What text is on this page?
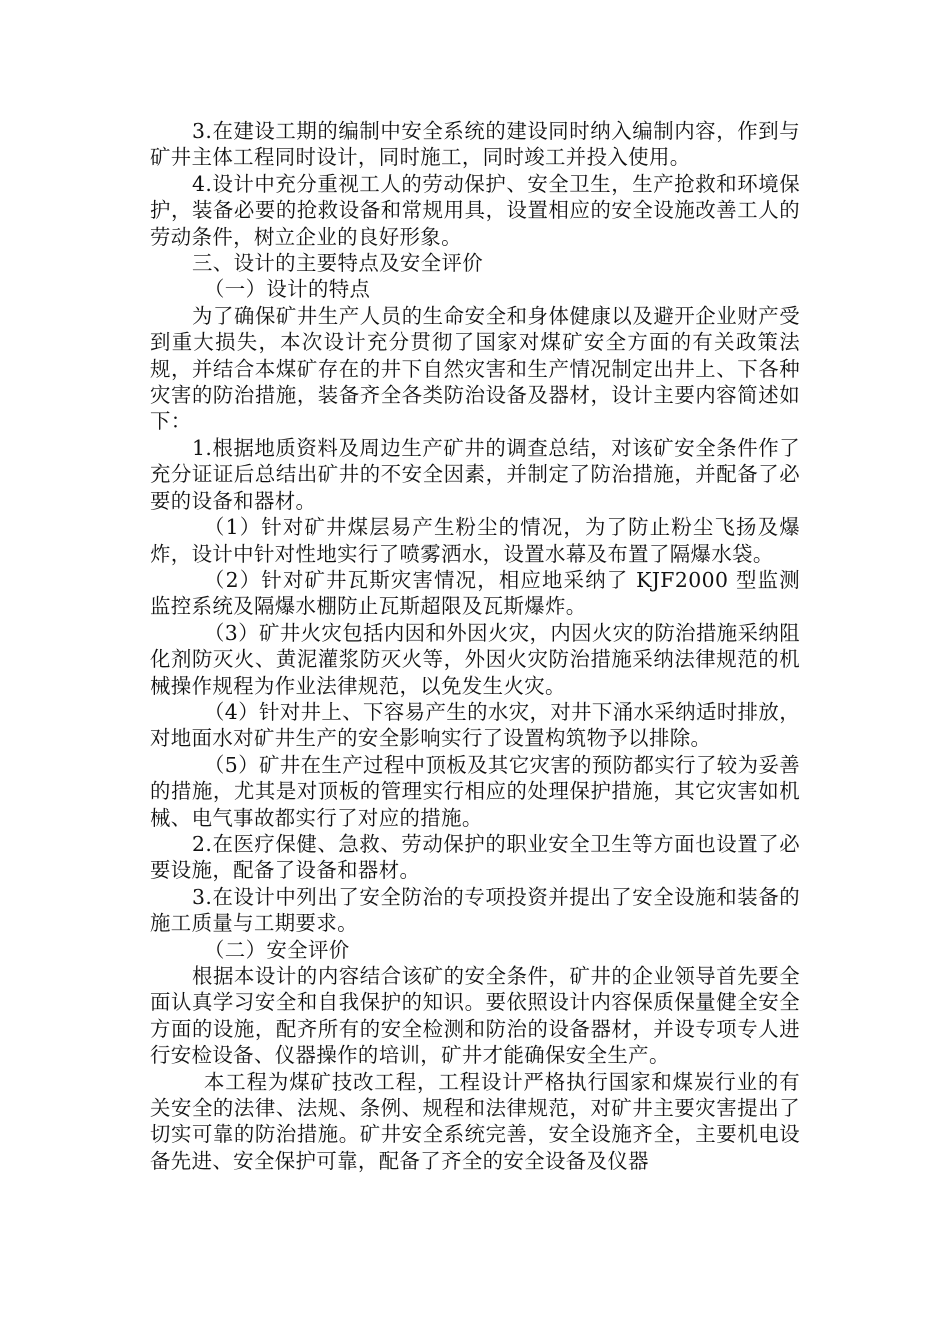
3.在建设工期的编制中安全系统的建设同时纳入编制内容，作到与矿井主体工程同时设计，同时施工，同时竣工并投入使用。

4.设计中充分重视工人的劳动保护、安全卫生，生产抢救和环境保护，装备必要的抢救设备和常规用具，设置相应的安全设施改善工人的劳动条件，树立企业的良好形象。

三、设计的主要特点及安全评价

（一）设计的特点

为了确保矿井生产人员的生命安全和身体健康以及避开企业财产受到重大损失，本次设计充分贯彻了国家对煤矿安全方面的有关政策法规，并结合本煤矿存在的井下自然灾害和生产情况制定出井上、下各种灾害的防治措施，装备齐全各类防治设备及器材，设计主要内容简述如下：

1.根据地质资料及周边生产矿井的调查总结，对该矿安全条件作了充分证证后总结出矿井的不安全因素，并制定了防治措施，并配备了必要的设备和器材。

（1）针对矿井煤层易产生粉尘的情况，为了防止粉尘飞扬及爆炸，设计中针对性地实行了喷雾洒水，设置水幕及布置了隔爆水袋。

（2）针对矿井瓦斯灾害情况，相应地采纳了 KJF2000 型监测监控系统及隔爆水棚防止瓦斯超限及瓦斯爆炸。

（3）矿井火灾包括内因和外因火灾，内因火灾的防治措施采纳阻化剂防灭火、黄泥灌浆防灭火等，外因火灾防治措施采纳法律规范的机械操作规程为作业法律规范，以免发生火灾。

（4）针对井上、下容易产生的水灾，对井下涌水采纳适时排放，对地面水对矿井生产的安全影响实行了设置构筑物予以排除。

（5）矿井在生产过程中顶板及其它灾害的预防都实行了较为妥善的措施，尤其是对顶板的管理实行相应的处理保护措施，其它灾害如机械、电气事故都实行了对应的措施。

2.在医疗保健、急救、劳动保护的职业安全卫生等方面也设置了必要设施，配备了设备和器材。

3.在设计中列出了安全防治的专项投资并提出了安全设施和装备的施工质量与工期要求。

（二）安全评价

根据本设计的内容结合该矿的安全条件，矿井的企业领导首先要全面认真学习安全和自我保护的知识。要依照设计内容保质保量健全安全方面的设施，配齐所有的安全检测和防治的设备器材，并设专项专人进行安检设备、仪器操作的培训，矿井才能确保安全生产。

本工程为煤矿技改工程，工程设计严格执行国家和煤炭行业的有关安全的法律、法规、条例、规程和法律规范，对矿井主要灾害提出了切实可靠的防治措施。矿井安全系统完善，安全设施齐全，主要机电设备先进、安全保护可靠，配备了齐全的安全设备及仪器
